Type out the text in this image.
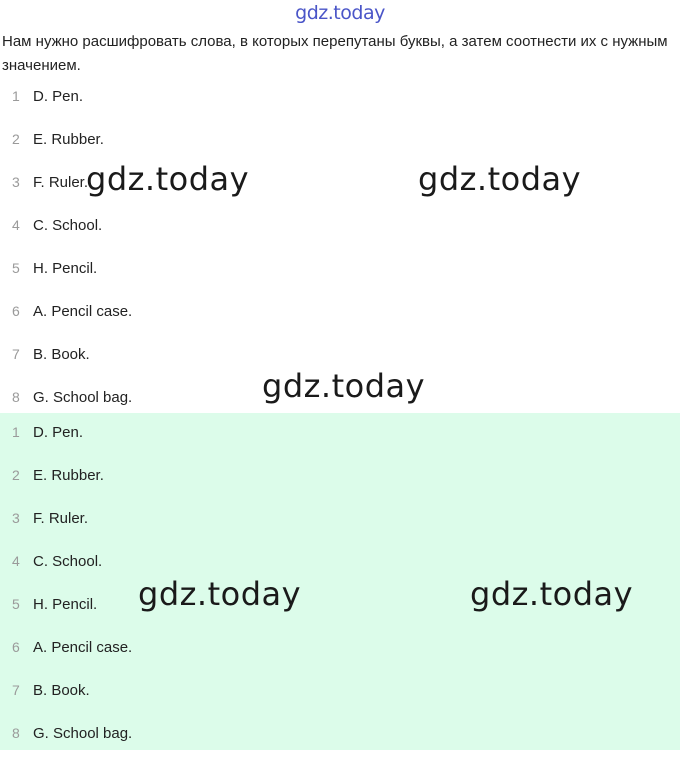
gdz.today
Нам нужно расшифровать слова, в которых перепутаны буквы, а затем соотнести их с нужным значением.
1 D. Pen.
2 E. Rubber.
3 F. Ruler.
4 C. School.
5 H. Pencil.
6 A. Pencil case.
7 B. Book.
8 G. School bag.
1 D. Pen.
2 E. Rubber.
3 F. Ruler.
4 C. School.
5 H. Pencil.
6 A. Pencil case.
7 B. Book.
8 G. School bag.
gdz.today	gdz.today
gdz.today
gdz.today	gdz.today
